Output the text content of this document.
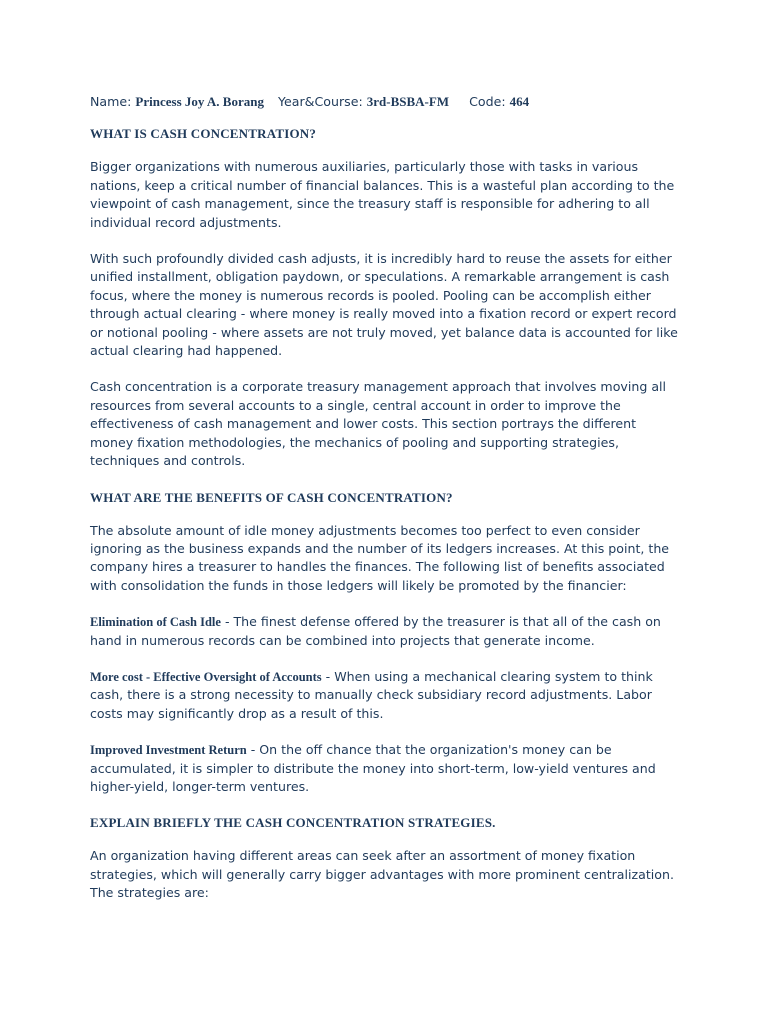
Name: Princess Joy A. Borang Year&Course: 3rd-BSBA-FM Code: 464
WHAT IS CASH CONCENTRATION?

Bigger organizations with numerous auxiliaries, particularly those with tasks in various nations, keep a critical number of financial balances. This is a wasteful plan according to the viewpoint of cash management, since the treasury staff is responsible for adhering to all individual record adjustments.

With such profoundly divided cash adjusts, it is incredibly hard to reuse the assets for either unified installment, obligation paydown, or speculations. A remarkable arrangement is cash focus, where the money is numerous records is pooled. Pooling can be accomplish either through actual clearing - where money is really moved into a fixation record or expert record or notional pooling - where assets are not truly moved, yet balance data is accounted for like actual clearing had happened.

Cash concentration is a corporate treasury management approach that involves moving all resources from several accounts to a single, central account in order to improve the effectiveness of cash management and lower costs. This section portrays the different money fixation methodologies, the mechanics of pooling and supporting strategies, techniques and controls.

WHAT ARE THE BENEFITS OF CASH CONCENTRATION?

The absolute amount of idle money adjustments becomes too perfect to even consider ignoring as the business expands and the number of its ledgers increases. At this point, the company hires a treasurer to handles the finances. The following list of benefits associated with consolidation the funds in those ledgers will likely be promoted by the financier:

Elimination of Cash Idle - The finest defense offered by the treasurer is that all of the cash on hand in numerous records can be combined into projects that generate income.

More cost - Effective Oversight of Accounts - When using a mechanical clearing system to think cash, there is a strong necessity to manually check subsidiary record adjustments. Labor costs may significantly drop as a result of this.

Improved Investment Return - On the off chance that the organization's money can be accumulated, it is simpler to distribute the money into short-term, low-yield ventures and higher-yield, longer-term ventures.

EXPLAIN BRIEFLY THE CASH CONCENTRATION STRATEGIES.

An organization having different areas can seek after an assortment of money fixation strategies, which will generally carry bigger advantages with more prominent centralization. The strategies are:
